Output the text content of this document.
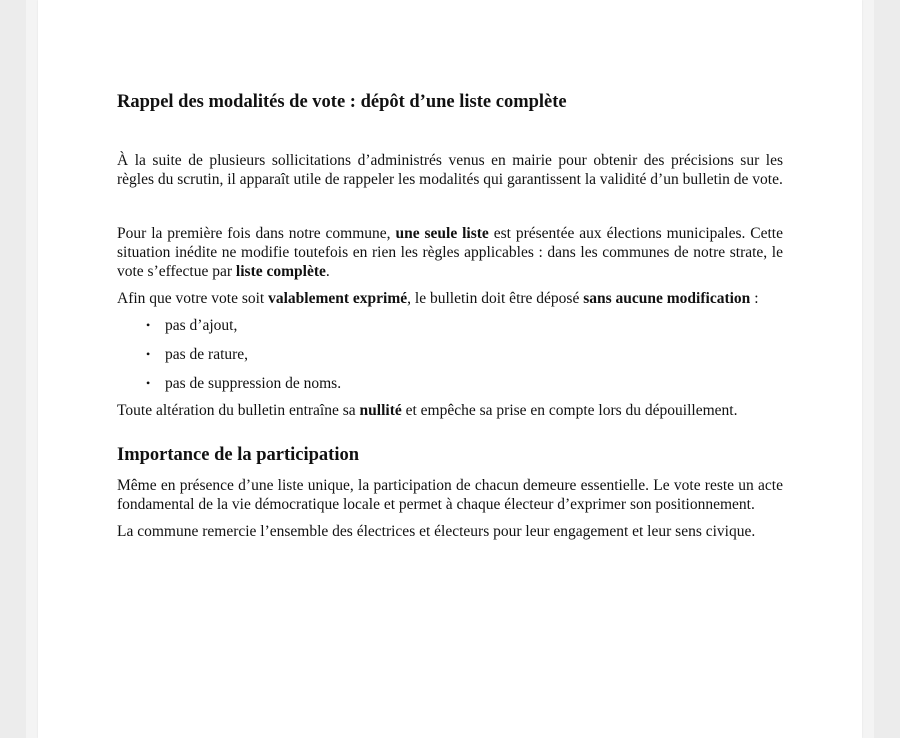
Rappel des modalités de vote : dépôt d’une liste complète

À la suite de plusieurs sollicitations d’administrés venus en mairie pour obtenir des précisions sur les règles du scrutin, il apparaît utile de rappeler les modalités qui garantissent la validité d’un bulletin de vote.

Pour la première fois dans notre commune, une seule liste est présentée aux élections municipales. Cette situation inédite ne modifie toutefois en rien les règles applicables : dans les communes de notre strate, le vote s’effectue par liste complète.

Afin que votre vote soit valablement exprimé, le bulletin doit être déposé sans aucune modification :

• pas d’ajout,
• pas de rature,
• pas de suppression de noms.

Toute altération du bulletin entraîne sa nullité et empêche sa prise en compte lors du dépouillement.

Importance de la participation

Même en présence d’une liste unique, la participation de chacun demeure essentielle. Le vote reste un acte fondamental de la vie démocratique locale et permet à chaque électeur d’exprimer son positionnement.

La commune remercie l’ensemble des électrices et électeurs pour leur engagement et leur sens civique.
